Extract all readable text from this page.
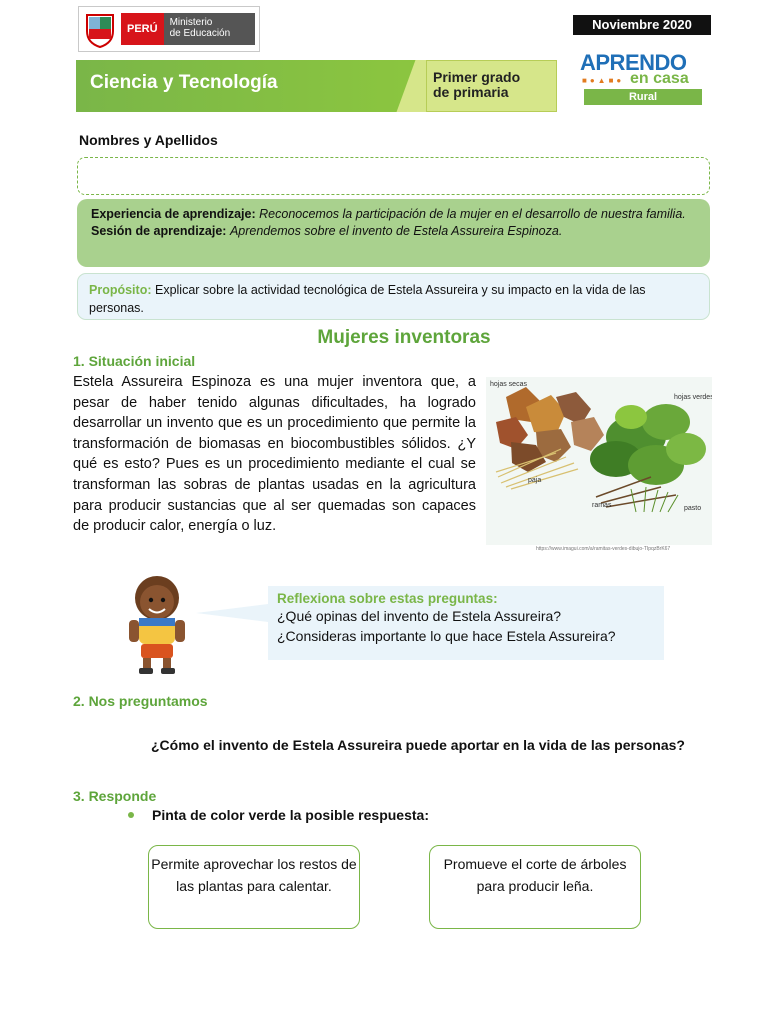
PERÚ
Ministerio
de Educación
Noviembre 2020
Ciencia y Tecnología	Primer grado
de primaria
APRENDO
■●▲■● en casa
Rural
Nombres y Apellidos
Experiencia de aprendizaje: Reconocemos la participación de la mujer en el desarrollo de nuestra familia.
Sesión de aprendizaje: Aprendemos sobre el invento de Estela Assureira Espinoza.
Propósito: Explicar sobre la actividad tecnológica de Estela Assureira y su impacto en la vida de las personas.
Mujeres inventoras
1. Situación inicial
Estela Assureira Espinoza es una mujer inventora que, a pesar de haber tenido algunas dificultades, ha logrado desarrollar un invento que es un procedimiento que permite la transformación de biomasas en biocombustibles sólidos. ¿Y qué es esto? Pues es un procedimiento mediante el cual se transforman las sobras de plantas usadas en la agricultura para producir sustancias que al ser quemadas son capaces de producir calor, energía o luz.
hojas secas
hojas verdes
paja
ramas	pasto
https://www.imagui.com/a/ramitas-verdes-dibujo-TIpqzBrK67
Reflexiona sobre estas preguntas:
¿Qué opinas del invento de Estela Assureira?
¿Consideras importante lo que hace Estela Assureira?
2. Nos preguntamos
¿Cómo el invento de Estela Assureira puede aportar en la vida de las personas?
3. Responde
Pinta de color verde la posible respuesta:
Permite aprovechar los restos de las plantas para calentar.
Promueve el corte de árboles para producir leña.
